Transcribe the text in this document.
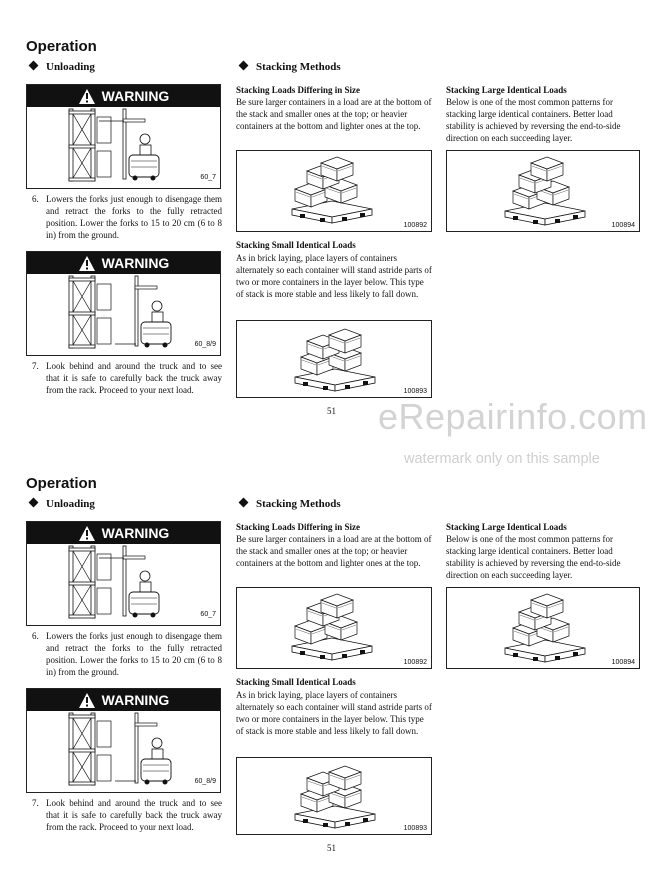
Operation
Unloading	Stacking Methods
WARNING
60_7
6. Lowers the forks just enough to disengage them and retract the forks to the fully retracted position. Lower the forks to 15 to 20 cm (6 to 8 in) from the ground.
WARNING
60_8/9
7. Look behind and around the truck and to see that it is safe to carefully back the truck away from the rack. Proceed to your next load.
Stacking Loads Differing in Size
Be sure larger containers in a load are at the bottom of the stack and smaller ones at the top; or heavier containers at the bottom and lighter ones at the top.
100892
Stacking Small Identical Loads
As in brick laying, place layers of containers alternately so each container will stand astride parts of two or more containers in the layer below. This type of stack is more stable and less likely to fall down.
100893
Stacking Large Identical Loads
Below is one of the most common patterns for stacking large identical containers. Better load stability is achieved by reversing the end-to-side direction on each succeeding layer.
100894
51
Operation
Unloading	Stacking Methods
WARNING
60_7
6. Lowers the forks just enough to disengage them and retract the forks to the fully retracted position. Lower the forks to 15 to 20 cm (6 to 8 in) from the ground.
WARNING
60_8/9
7. Look behind and around the truck and to see that it is safe to carefully back the truck away from the rack. Proceed to your next load.
Stacking Loads Differing in Size
Be sure larger containers in a load are at the bottom of the stack and smaller ones at the top; or heavier containers at the bottom and lighter ones at the top.
100892
Stacking Small Identical Loads
As in brick laying, place layers of containers alternately so each container will stand astride parts of two or more containers in the layer below. This type of stack is more stable and less likely to fall down.
100893
Stacking Large Identical Loads
Below is one of the most common patterns for stacking large identical containers. Better load stability is achieved by reversing the end-to-side direction on each succeeding layer.
100894
51
eRepairinfo.com
watermark only on this sample
